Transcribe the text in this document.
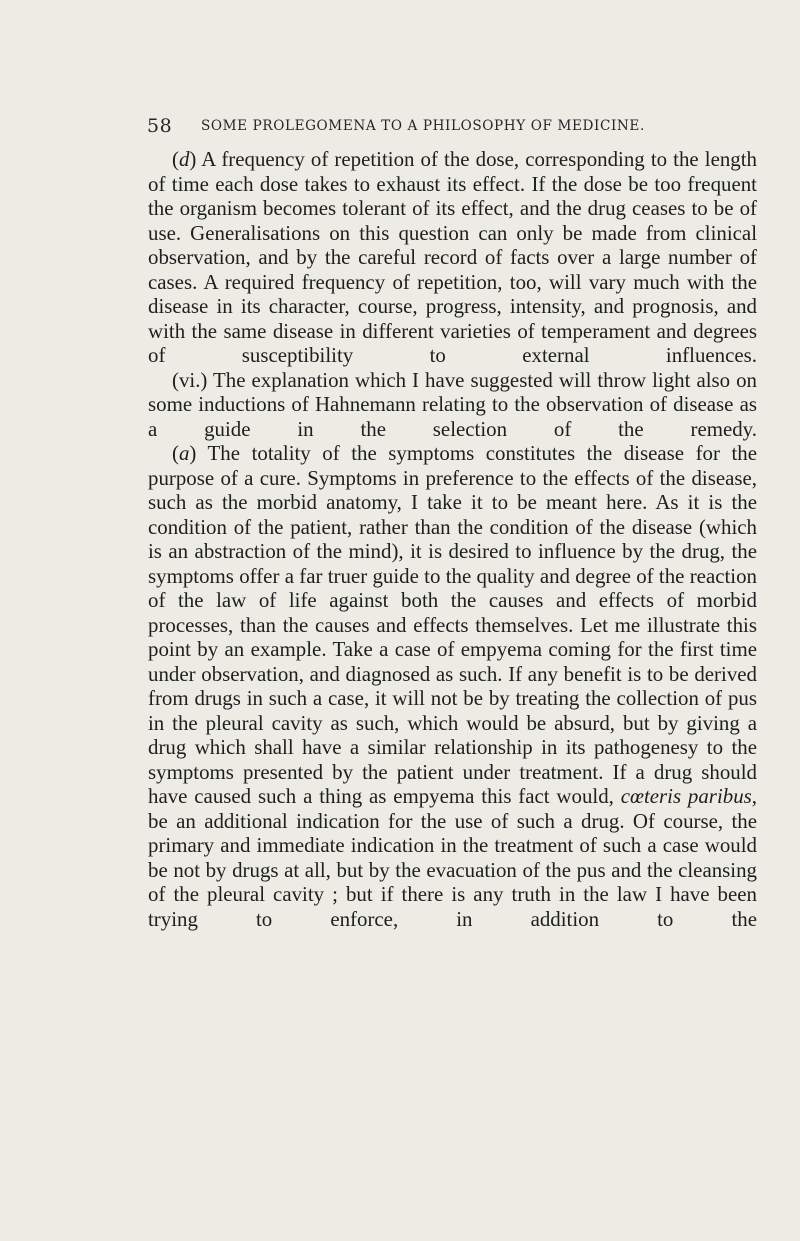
58 SOME PROLEGOMENA TO A PHILOSOPHY OF MEDICINE.

(d) A frequency of repetition of the dose, corresponding to the length of time each dose takes to exhaust its effect. If the dose be too frequent the organism becomes tolerant of its effect, and the drug ceases to be of use. Generalisations on this question can only be made from clinical observation, and by the careful record of facts over a large number of cases. A required frequency of repetition, too, will vary much with the disease in its character, course, progress, intensity, and prognosis, and with the same disease in different varieties of temperament and degrees of susceptibility to external influences.

(vi.) The explanation which I have suggested will throw light also on some inductions of Hahnemann relating to the observation of disease as a guide in the selection of the remedy.

(a) The totality of the symptoms constitutes the disease for the purpose of a cure. Symptoms in preference to the effects of the disease, such as the morbid anatomy, I take it to be meant here. As it is the condition of the patient, rather than the condition of the disease (which is an abstraction of the mind), it is desired to influence by the drug, the symptoms offer a far truer guide to the quality and degree of the reaction of the law of life against both the causes and effects of morbid processes, than the causes and effects themselves. Let me illustrate this point by an example. Take a case of empyema coming for the first time under observation, and diagnosed as such. If any benefit is to be derived from drugs in such a case, it will not be by treating the collection of pus in the pleural cavity as such, which would be absurd, but by giving a drug which shall have a similar relationship in its pathogenesy to the symptoms presented by the patient under treatment. If a drug should have caused such a thing as empyema this fact would, cœteris paribus, be an additional indication for the use of such a drug. Of course, the primary and immediate indication in the treatment of such a case would be not by drugs at all, but by the evacuation of the pus and the cleansing of the pleural cavity ; but if there is any truth in the law I have been trying to enforce, in addition to the
